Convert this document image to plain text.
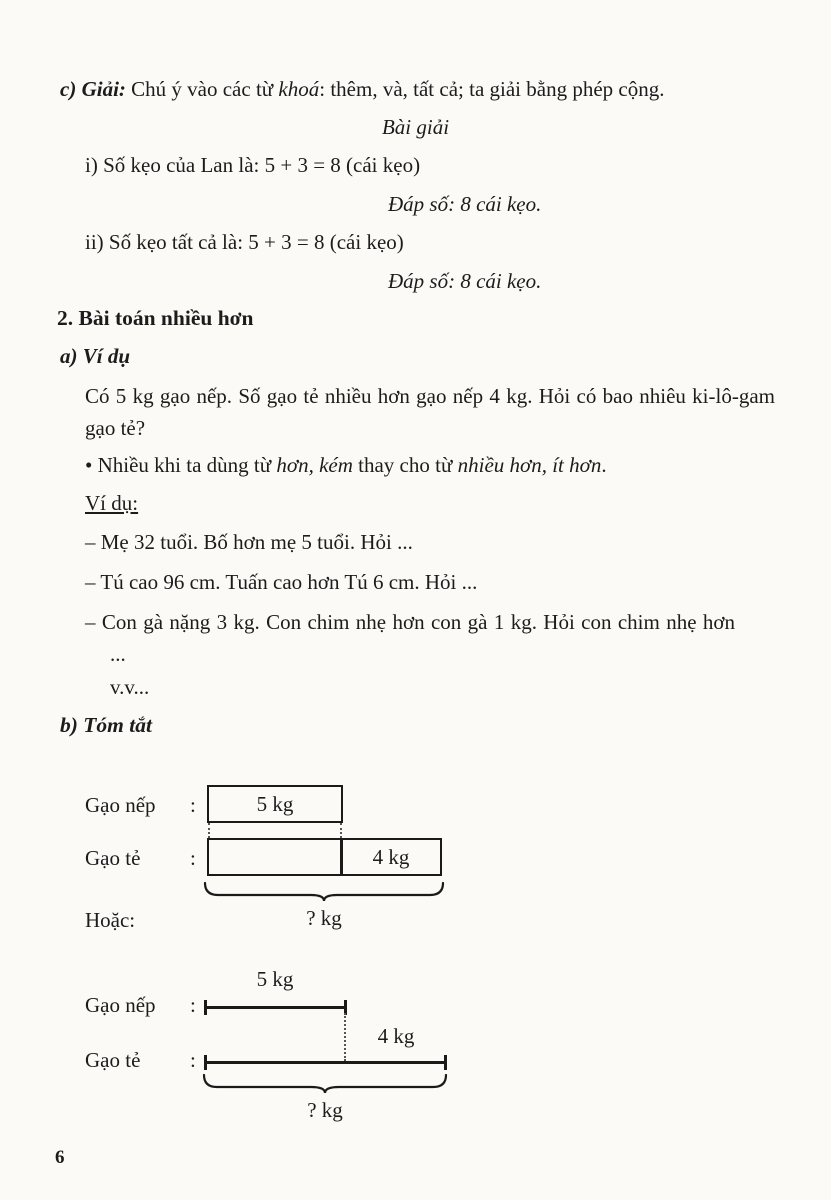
c) Giải: Chú ý vào các từ khoá: thêm, và, tất cả; ta giải bằng phép cộng.

Bài giải

i) Số kẹo của Lan là: 5 + 3 = 8 (cái kẹo)

Đáp số: 8 cái kẹo.

ii) Số kẹo tất cả là: 5 + 3 = 8 (cái kẹo)

Đáp số: 8 cái kẹo.

2. Bài toán nhiều hơn

a) Ví dụ

Có 5 kg gạo nếp. Số gạo tẻ nhiều hơn gạo nếp 4 kg. Hỏi có bao nhiêu ki-lô-gam gạo tẻ?

• Nhiều khi ta dùng từ hơn, kém thay cho từ nhiều hơn, ít hơn.

Ví dụ:

– Mẹ 32 tuổi. Bố hơn mẹ 5 tuổi. Hỏi ...

– Tú cao 96 cm. Tuấn cao hơn Tú 6 cm. Hỏi ...

– Con gà nặng 3 kg. Con chim nhẹ hơn con gà 1 kg. Hỏi con chim nhẹ hơn ...

v.v...

b) Tóm tắt

Gạo nếp :	5 kg
Gạo tẻ :	4 kg
? kg
Hoặc:
5 kg
Gạo nếp :
4 kg
Gạo tẻ :
? kg
6
